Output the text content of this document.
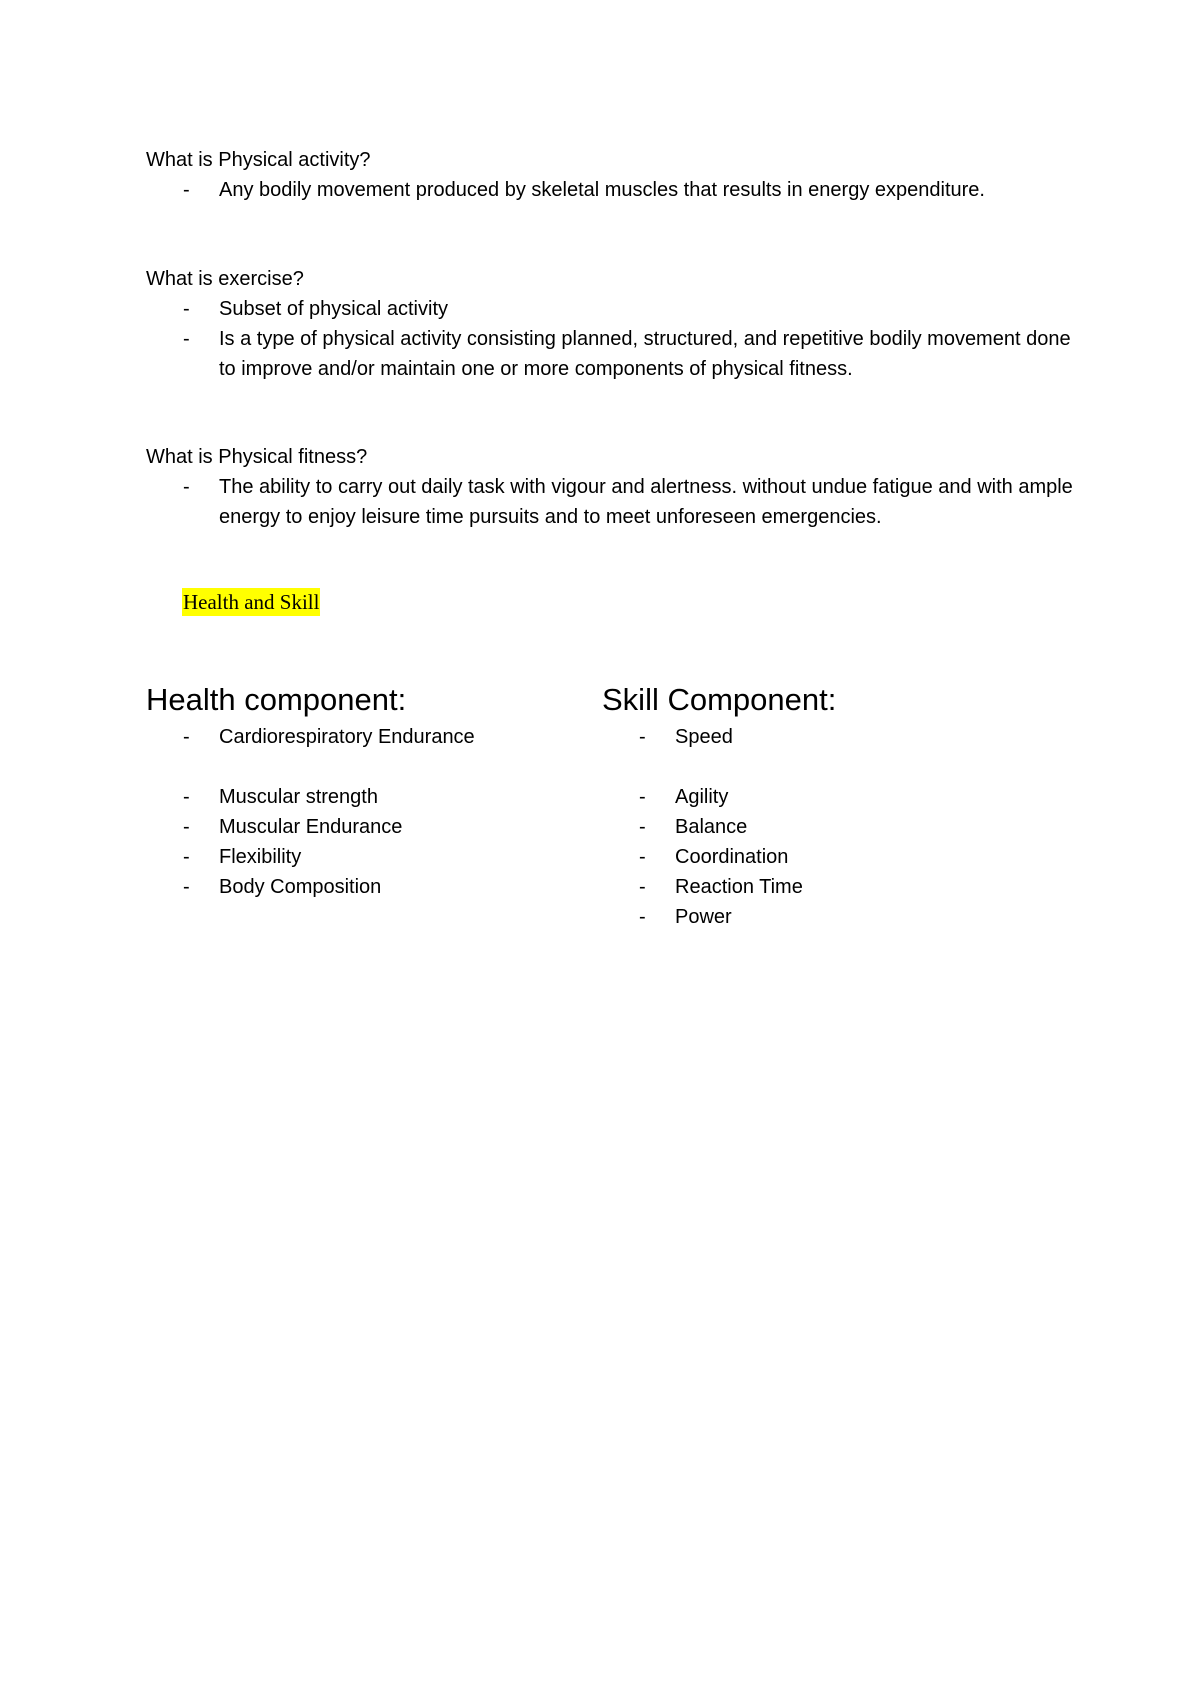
What is Physical activity?
- Any bodily movement produced by skeletal muscles that results in energy expenditure.
What is exercise?
- Subset of physical activity
- Is a type of physical activity consisting planned, structured, and repetitive bodily movement done to improve and/or maintain one or more components of physical fitness.
What is Physical fitness?
- The ability to carry out daily task with vigour and alertness. without undue fatigue and with ample energy to enjoy leisure time pursuits and to meet unforeseen emergencies.
Health and Skill
Health component:
- Cardiorespiratory Endurance
- Muscular strength
- Muscular Endurance
- Flexibility
- Body Composition
Skill Component:
- Speed
- Agility
- Balance
- Coordination
- Reaction Time
- Power
